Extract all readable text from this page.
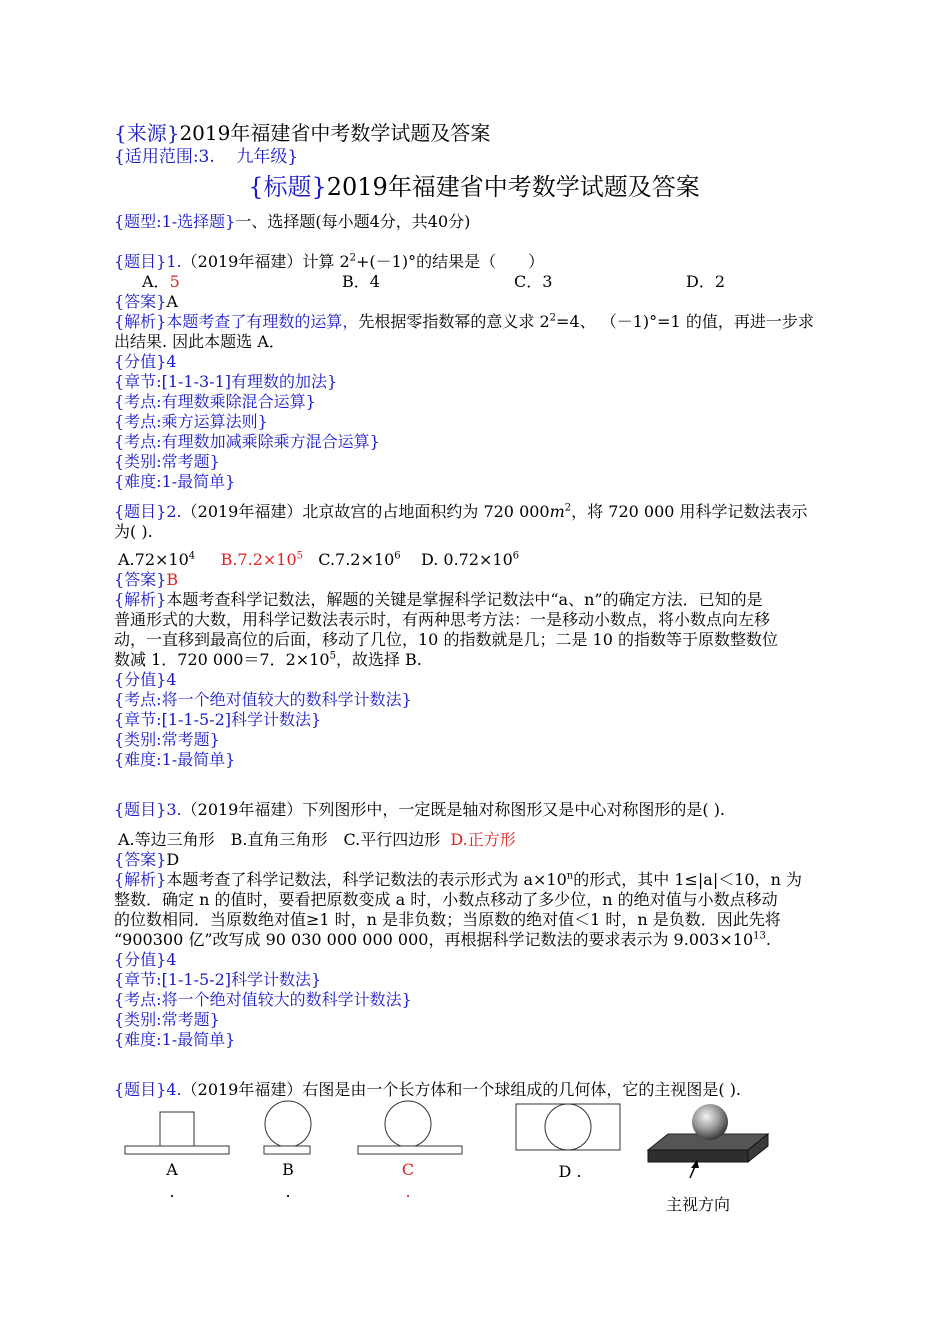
{来源}2019年福建省中考数学试题及答案
{适用范围:3. 九年级}
{标题}2019年福建省中考数学试题及答案
{题型:1-选择题}一、选择题(每小题4分，共40分)
{题目}1.（2019年福建）计算 $2^2+(-1)^\circ$的结果是（　　）
A．5	B．4	C．3	D．2
{答案}A
{解析}本题考查了有理数的运算，先根据零指数幂的意义求 $2^2=4$、 （－1)°=1 的值，再进一步求
出结果. 因此本题选 A．
{分值}4
{章节:[1-1-3-1]有理数的加法}
{考点:有理数乘除混合运算}
{考点:乘方运算法则}
{考点:有理数加减乘除乘方混合运算}
{类别:常考题}
{难度:1-最简单}
{题目}2.（2019年福建）北京故宫的占地面积约为 720 $000m^2$，将 720 000 用科学记数法表示
为( ).
$A.72\times 10^4$ $B.7.2\times 10^5$ $C.7.2\times 10^6$ D. $0.72\times 10^6$
{答案}B
{解析}本题考查科学记数法，解题的关键是掌握科学记数法中“a、n”的确定方法．已知的是
普通形式的大数，用科学记数法表示时，有两种思考方法：一是移动小数点，将小数点向左移
动，一直移到最高位的后面，移动了几位，10 的指数就是几；二是 10 的指数等于原数整数位
数减 1．720 000＝7．$2\times 10^5$，故选择 B.
{分值}4
{考点:将一个绝对值较大的数科学计数法}
{章节:[1-1-5-2]科学计数法}
{类别:常考题}
{难度:1-最简单}
{题目}3.（2019年福建）下列图形中，一定既是轴对称图形又是中心对称图形的是( ).
A.等边三角形　B.直角三角形　C.平行四边形 D.正方形
{答案}D
{解析}本题考查了科学记数法，科学记数法的表示形式为 $a\times 10^n$的形式，其中 1≤|a|＜10，n 为
整数．确定 n 的值时，要看把原数变成 a 时，小数点移动了多少位，n 的绝对值与小数点移动
的位数相同．当原数绝对值≥1 时，n 是非负数；当原数的绝对值＜1 时，n 是负数．因此先将
“900300 亿”改写成 90 030 000 000 000，再根据科学记数法的要求表示为 $9.003\times 10^{13}$.
{分值}4
{章节:[1-1-5-2]科学计数法}
{考点:将一个绝对值较大的数科学计数法}
{类别:常考题}
{难度:1-最简单}
{题目}4.（2019年福建）右图是由一个长方体和一个球组成的几何体，它的主视图是( ).
A
.
B
.
C
.
D .
主视方向
